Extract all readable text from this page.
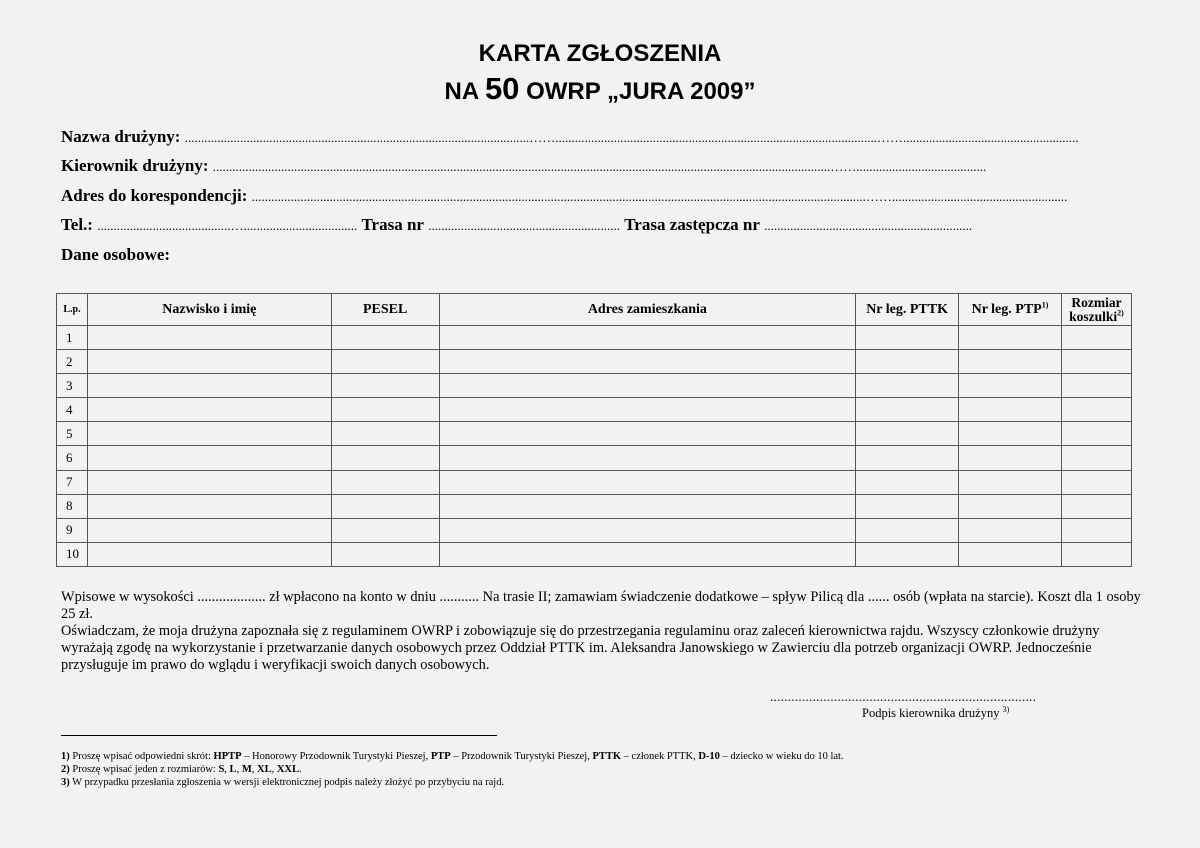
KARTA ZGŁOSZENIA
NA 50 OWRP „JURA 2009”
Nazwa drużyny: ..........................................................................................................……...................................................................................................……......................................................
Kierownik drużyny: ..............................................................................................................................................................................................……........................................
Adres do korespondencji: .............................................................................................................................................................................................……......................................................
Tel.: .........................................…................................... Trasa nr ........................................................... Trasa zastępcza nr ................................................................
Dane osobowe:
L.p.	Nazwisko i imię	PESEL	Adres zamieszkania	Nr leg. PTTK	Nr leg. PTP$^{1)}$	Rozmiar
koszulki$^{2)}$
1						
2						
3						
4						
5						
6						
7						
8						
9						
10						
Wpisowe w wysokości ................... zł wpłacono na konto w dniu ........... Na trasie II; zamawiam świadczenie dodatkowe – spływ Pilicą dla ...... osób (wpłata na starcie). Koszt dla 1 osoby 25 zł.
Oświadczam, że moja drużyna zapoznała się z regulaminem OWRP i zobowiązuje się do przestrzegania regulaminu oraz zaleceń kierownictwa rajdu. Wszyscy członkowie drużyny wyrażają zgodę na wykorzystanie i przetwarzanie danych osobowych przez Oddział PTTK im. Aleksandra Janowskiego w Zawierciu dla potrzeb organizacji OWRP. Jednocześnie przysługuje im prawo do wglądu i weryfikacji swoich danych osobowych.
...........................................................................
Podpis kierownika drużyny $^{3)}$
1) Proszę wpisać odpowiedni skrót: HPTP – Honorowy Przodownik Turystyki Pieszej, PTP – Przodownik Turystyki Pieszej, PTTK – członek PTTK, D-10 – dziecko w wieku do 10 lat.
2) Proszę wpisać jeden z rozmiarów: S, L, M, XL, XXL.
3) W przypadku przesłania zgłoszenia w wersji elektronicznej podpis należy złożyć po przybyciu na rajd.
